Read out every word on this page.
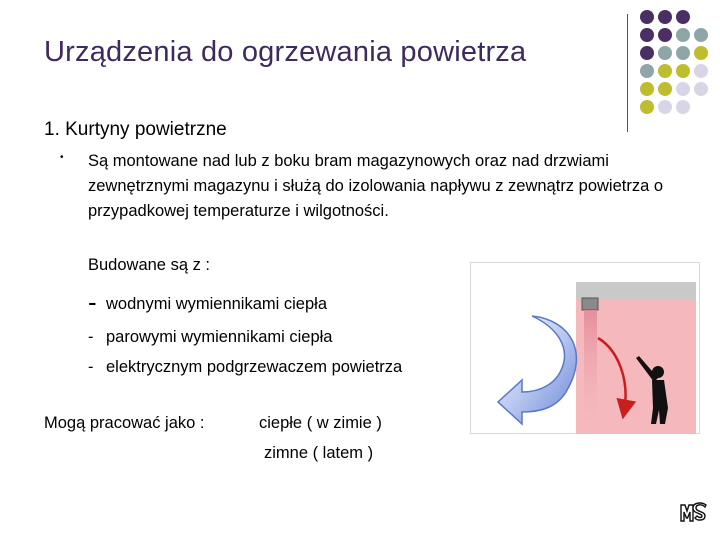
Urządzenia do ogrzewania powietrza
1. Kurtyny powietrzne
• Są montowane nad lub z boku bram magazynowych oraz nad drzwiami zewnętrznymi magazynu i służą do izolowania napływu z zewnątrz powietrza o przypadkowej temperaturze i wilgotności.
Budowane są z :
- wodnymi wymiennikami ciepła
- parowymi wymiennikami ciepła
- elektrycznym podgrzewaczem powietrza
Mogą pracować jako :	ciepłe ( w zimie )
zimne ( latem )
